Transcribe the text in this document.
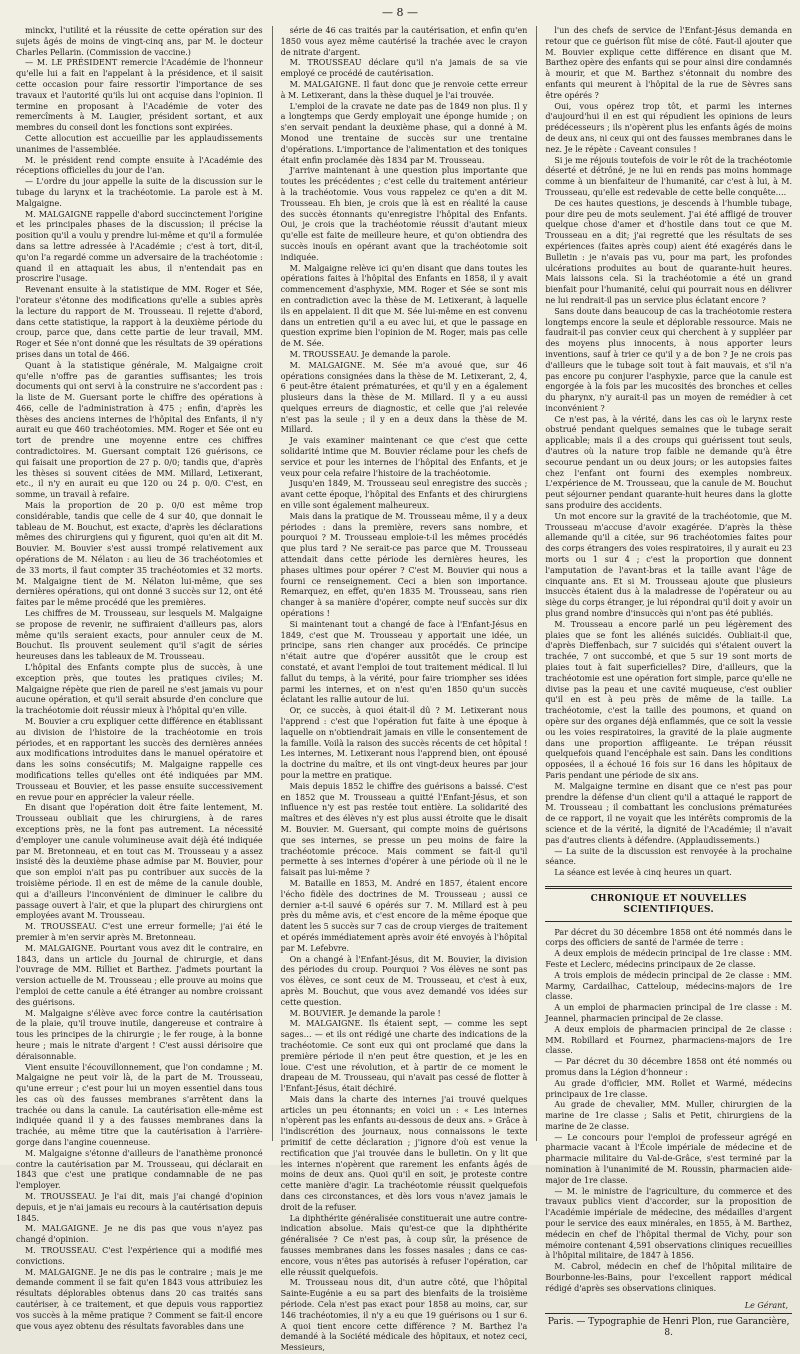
— 8 —

minckx, l'utilité et la réussite de cette opération sur des sujets âgés de moins de vingt-cinq ans, par M. le docteur Charles Pellarin. (Commission de vaccine.)

— M. LE PRÉSIDENT remercie l'Académie de l'honneur qu'elle lui a fait en l'appelant à la présidence, et il saisit cette occasion pour faire ressortir l'importance de ses travaux et l'autorité qu'ils lui ont acquise dans l'opinion. Il termine en proposant à l'Académie de voter des remercîments à M. Laugier, président sortant, et aux membres du conseil dont les fonctions sont expirées.

Cette allocution est accueillie par les applaudissements unanimes de l'assemblée.

M. le président rend compte ensuite à l'Académie des réceptions officielles du jour de l'an.

— L'ordre du jour appelle la suite de la discussion sur le tubage du larynx et la trachéotomie. La parole est à M. Malgaigne.

M. MALGAIGNE rappelle d'abord succinctement l'origine et les principales phases de la discussion; il précise la position qu'il a voulu y prendre lui-même et qu'il a formulée dans sa lettre adressée à l'Académie ; c'est à tort, dit-il, qu'on l'a regardé comme un adversaire de la trachéotomie : quand il en attaquait les abus, il n'entendait pas en proscrire l'usage.

Revenant ensuite à la statistique de MM. Roger et Sée, l'orateur s'étonne des modifications qu'elle a subies après la lecture du rapport de M. Trousseau. Il rejette d'abord, dans cette statistique, la rapport à la deuxième période du croup, parce que, dans cette partie de leur travail, MM. Roger et Sée n'ont donné que les résultats de 39 opérations prises dans un total de 466.

Quant à la statistique générale, M. Malgaigne croit qu'elle n'offre pas de garanties suffisantes; les trois documents qui ont servi à la construire ne s'accordent pas : la liste de M. Guersant porte le chiffre des opérations à 466, celle de l'administration à 475 ; enfin, d'après les thèses des anciens internes de l'hôpital des Enfants, il n'y aurait eu que 460 trachéotomies. MM. Roger et Sée ont eu tort de prendre une moyenne entre ces chiffres contradictoires. M. Guersant comptait 126 guérisons, ce qui faisait une proportion de 27 p. 0/0; tandis que, d'après les thèses si souvent citées de MM. Millard, Letixerant, etc., il n'y en aurait eu que 120 ou 24 p. 0/0. C'est, en somme, un travail à refaire.

Mais la proportion de 20 p. 0/0 est même trop considérable, tandis que celle de 4 sur 40, que donnait le tableau de M. Bouchut, est exacte, d'après les déclarations mêmes des chirurgiens qui y figurent, quoi qu'en ait dit M. Bouvier. M. Bouvier s'est aussi trompé relativement aux opérations de M. Nélaton : au lieu de 36 trachéotomies et de 33 morts, il faut compter 35 trachéotomies et 32 morts. M. Malgaigne tient de M. Nélaton lui-même, que ses dernières opérations, qui ont donné 3 succès sur 12, ont été faites par le même procédé que les premières.

Les chiffres de M. Trousseau, sur lesquels M. Malgaigne se propose de revenir, ne suffiraient d'ailleurs pas, alors même qu'ils seraient exacts, pour annuler ceux de M. Bouchut. Ils prouvent seulement qu'il s'agit de séries heureuses dans les tableaux de M. Trousseau.

L'hôpital des Enfants compte plus de succès, à une exception près, que toutes les pratiques civiles; M. Malgaigne répète que rien de pareil ne s'est jamais vu pour aucune opération, et qu'il serait absurde d'en conclure que la trachéotomie doit réussir mieux à l'hôpital qu'en ville.

M. Bouvier a cru expliquer cette différence en établissant au division de l'histoire de la trachéotomie en trois périodes, et en rapportant les succès des dernières années aux modifications introduites dans le manuel opératoire et dans les soins consécutifs; M. Malgaigne rappelle ces modifications telles qu'elles ont été indiquées par MM. Trousseau et Bouvier, et les passe ensuite successivement en revue pour en apprécier la valeur réelle.

En disant que l'opération doit être faite lentement, M. Trousseau oubliait que les chirurgiens, à de rares exceptions près, ne la font pas autrement. La nécessité d'employer une canule volumineuse avait déjà été indiquée par M. Bretonneau, et en tout cas M. Trousseau y a assez insisté dès la deuxième phase admise par M. Bouvier, pour que son emploi n'ait pas pu contribuer aux succès de la troisième période. Il en est de même de la canule double, qui a d'ailleurs l'inconvénient de diminuer le calibre du passage ouvert à l'air, et que la plupart des chirurgiens ont employées avant M. Trousseau.

M. TROUSSEAU. C'est une erreur formelle; j'ai été le premier à m'en servir après M. Bretonneau.

M. MALGAIGNE. Pourtant vous avez dit le contraire, en 1843, dans un article du Journal de chirurgie, et dans l'ouvrage de MM. Rilliet et Barthez. J'admets pourtant la version actuelle de M. Trousseau ; elle prouve au moins que l'emploi de cette canule a été étranger au nombre croissant des guérisons.

M. Malgaigne s'élève avec force contre la cautérisation de la plaie, qu'il trouve inutile, dangereuse et contraire à tous les principes de la chirurgie ; le fer rouge, à la bonne heure ; mais le nitrate d'argent ! C'est aussi dérisoire que déraisonnable.

Vient ensuite l'écouvillonnement, que l'on condamne ; M. Malgaigne ne peut voir là, de la part de M. Trousseau, qu'une erreur ; c'est pour lui un moyen essentiel dans tous les cas où des fausses membranes s'arrêtent dans la trachée ou dans la canule. La cautérisation elle-même est indiquée quand il y a des fausses membranes dans la trachée, au même titre que la cautérisation à l'arrière-gorge dans l'angine couenneuse.

M. Malgaigne s'étonne d'ailleurs de l'anathème prononcé contre la cautérisation par M. Trousseau, qui déclarait en 1843 que c'est une pratique condamnable de ne pas l'employer.

M. TROUSSEAU. Je l'ai dit, mais j'ai changé d'opinion depuis, et je n'ai jamais eu recours à la cautérisation depuis 1845.

M. MALGAIGNE. Je ne dis pas que vous n'ayez pas changé d'opinion.

M. TROUSSEAU. C'est l'expérience qui a modifié mes convictions.

M. MALGAIGNE. Je ne dis pas le contraire ; mais je me demande comment il se fait qu'en 1843 vous attribuiez les résultats déplorables obtenus dans 20 cas traités sans cautériser, à ce traitement, et que depuis vous rapportiez vos succès à la même pratique ? Comment se fait-il encore que vous ayez obtenu des résultats favorables dans une

série de 46 cas traités par la cautérisation, et enfin qu'en 1850 vous ayez même cautérisé la trachée avec le crayon de nitrate d'argent.

M. TROUSSEAU déclare qu'il n'a jamais de sa vie employé ce procédé de cautérisation.

M. MALGAIGNE. Il faut donc que je renvoie cette erreur à M. Letixerant, dans la thèse duquel je l'ai trouvée.

L'emploi de la cravate ne date pas de 1849 non plus. Il y a longtemps que Gerdy employait une éponge humide ; on s'en servait pendant la deuxième phase, qui a donné à M. Monod une trentaine de succès sur une trentaine d'opérations. L'importance de l'alimentation et des toniques était enfin proclamée dès 1834 par M. Trousseau.

J'arrive maintenant à une question plus importante que toutes les précédentes ; c'est celle du traitement antérieur à la trachéotomie. Vous vous rappelez ce qu'en a dit M. Trousseau. Eh bien, je crois que là est en réalité la cause des succès étonnants qu'enregistre l'hôpital des Enfants. Oui, je crois que la trachéotomie réussit d'autant mieux qu'elle est faite de meilleure heure, et qu'on obtiendra des succès inouïs en opérant avant que la trachéotomie soit indiquée.

M. Malgaigne relève ici qu'en disant que dans toutes les opérations faites à l'hôpital des Enfants en 1858, il y avait commencement d'asphyxie, MM. Roger et Sée se sont mis en contradiction avec la thèse de M. Letixerant, à laquelle ils en appelaient. Il dit que M. Sée lui-même en est convenu dans un entretien qu'il a eu avec lui, et que le passage en question exprime bien l'opinion de M. Roger, mais pas celle de M. Sée.

M. TROUSSEAU. Je demande la parole.

M. MALGAIGNE. M. Sée m'a avoué que, sur 46 opérations consignées dans la thèse de M. Letixerant, 2, 4, 6 peut-être étaient prématurées, et qu'il y en a également plusieurs dans la thèse de M. Millard. Il y a eu aussi quelques erreurs de diagnostic, et celle que j'ai relevée n'est pas la seule ; il y en a deux dans la thèse de M. Millard.

Je vais examiner maintenant ce que c'est que cette solidarité intime que M. Bouvier réclame pour les chefs de service et pour les internes de l'hôpital des Enfants, et je veux pour cela refaire l'histoire de la trachéotomie.

Jusqu'en 1849, M. Trousseau seul enregistre des succès ; avant cette époque, l'hôpital des Enfants et des chirurgiens en ville sont également malheureux.

Mais dans la pratique de M. Trousseau même, il y a deux périodes : dans la première, revers sans nombre, et pourquoi ? M. Trousseau emploie-t-il les mêmes procédés que plus tard ? Ne serait-ce pas parce que M. Trousseau attendait dans cette période les dernières heures, les phases ultimes pour opérer ? C'est M. Bouvier qui nous a fourni ce renseignement. Ceci a bien son importance. Remarquez, en effet, qu'en 1835 M. Trousseau, sans rien changer à sa manière d'opérer, compte neuf succès sur dix opérations !

Si maintenant tout a changé de face à l'Enfant-Jésus en 1849, c'est que M. Trousseau y apportait une idée, un principe, sans rien changer aux procédés. Ce principe n'était autre que d'opérer aussitôt que le croup est constaté, et avant l'emploi de tout traitement médical. Il lui fallut du temps, à la vérité, pour faire triompher ses idées parmi les internes, et on n'est qu'en 1850 qu'un succès éclatant les rallie autour de lui.

Or, ce succès, à quoi était-il dû ? M. Letixerant nous l'apprend : c'est que l'opération fut faite à une époque à laquelle on n'obtiendrait jamais en ville le consentement de la famille. Voilà la raison des succès récents de cet hôpital ! Les internes, M. Letixerant nous l'apprend bien, ont épousé la doctrine du maître, et ils ont vingt-deux heures par jour pour la mettre en pratique.

Mais depuis 1852 le chiffre des guérisons a baissé. C'est en 1852 que M. Trousseau a quitté l'Enfant-Jésus, et son influence n'y est pas restée tout entière. La solidarité des maîtres et des élèves n'y est plus aussi étroite que le disait M. Bouvier. M. Guersant, qui compte moins de guérisons que ses internes, se presse un peu moins de faire la trachéotomie précoce. Mais comment se fait-il qu'il permette à ses internes d'opérer à une période où il ne le faisait pas lui-même ?

M. Bataille en 1853, M. André en 1857, étaient encore l'écho fidèle des doctrines de M. Trousseau ; aussi ce dernier a-t-il sauvé 6 opérés sur 7. M. Millard est à peu près du même avis, et c'est encore de la même époque que datent les 5 succès sur 7 cas de croup vierges de traitement et opérés immédiatement après avoir été envoyés à l'hôpital par M. Lefebvre.

On a changé à l'Enfant-Jésus, dit M. Bouvier, la division des périodes du croup. Pourquoi ? Vos élèves ne sont pas vos élèves, ce sont ceux de M. Trousseau, et c'est à eux, après M. Bouchut, que vous avez demandé vos idées sur cette question.

M. BOUVIER. Je demande la parole !

M. MALGAIGNE. Ils étaient sept, — comme les sept sages… — et ils ont rédigé une charte des indications de la trachéotomie. Ce sont eux qui ont proclamé que dans la première période il n'en peut être question, et je les en loue. C'est une révolution, et à partir de ce moment le drapeau de M. Trousseau, qui n'avait pas cessé de flotter à l'Enfant-Jésus, était déchiré.

Mais dans la charte des internes j'ai trouvé quelques articles un peu étonnants; en voici un : « Les internes n'opèrent pas les enfants au-dessous de deux ans. » Grâce à l'indiscrétion des journaux, nous connaissons le texte primitif de cette déclaration ; j'ignore d'où est venue la rectification que j'ai trouvée dans le bulletin. On y lit que les internes n'opèrent que rarement les enfants âgés de moins de deux ans. Quoi qu'il en soit, je proteste contre cette manière d'agir. La trachéotomie réussit quelquefois dans ces circonstances, et dès lors vous n'avez jamais le droit de la refuser.

La diphthérite généralisée constituerait une autre contre-indication absolue. Mais qu'est-ce que la diphthérite généralisée ? Ce n'est pas, à coup sûr, la présence de fausses membranes dans les fosses nasales ; dans ce cas-encore, vous n'êtes pas autorisés à refuser l'opération, car elle réussit quelquefois.

M. Trousseau nous dit, d'un autre côté, que l'hôpital Sainte-Eugénie a eu sa part des bienfaits de la troisième période. Cela n'est pas exact pour 1858 au moins, car, sur 146 trachéotomies, il n'y a eu que 19 guérisons ou 1 sur 6. A quoi tient encore cette différence ? M. Barthez l'a demandé à la Société médicale des hôpitaux, et notez ceci, Messieurs,

l'un des chefs de service de l'Enfant-Jésus demanda en retour que ce guérison fût mise de côté. Faut-il ajouter que M. Bouvier explique cette différence en disant que M. Barthez opère des enfants qui se pour ainsi dire condamnés à mourir, et que M. Barthez s'étonnait du nombre des enfants qui meurent à l'hôpital de la rue de Sèvres sans être opérés ?

Oui, vous opérez trop tôt, et parmi les internes d'aujourd'hui il en est qui répudient les opinions de leurs prédécesseurs ; ils n'opèrent plus les enfants âgés de moins de deux ans, ni ceux qui ont des fausses membranes dans le nez. Je le répète : Caveant consules !

Si je me réjouis toutefois de voir le rôt de la trachéotomie déserté et détrôné, je ne lui en rends pas moins hommage comme à un bienfaiteur de l'humanité, car c'est à lui, à M. Trousseau, qu'elle est redevable de cette belle conquête….

De ces hautes questions, je descends à l'humble tubage, pour dire peu de mots seulement. J'ai été affligé de trouver quelque chose d'amer et d'hostile dans tout ce que M. Trousseau en a dit; j'ai regretté que les résultats de ses expériences (faites après coup) aient été exagérés dans le Bulletin : je n'avais pas vu, pour ma part, les profondes ulcérations produites au bout de quarante-huit heures. Mais laissons cela. Si la trachéotomie a été un grand bienfait pour l'humanité, celui qui pourrait nous en délivrer ne lui rendrait-il pas un service plus éclatant encore ?

Sans doute dans beaucoup de cas la trachéotomie restera longtemps encore la seule et déplorable ressource. Mais ne faudrait-il pas convier ceux qui cherchent à y suppléer par des moyens plus innocents, à nous apporter leurs inventions, sauf à trier ce qu'il y a de bon ? Je ne crois pas d'ailleurs que le tubage soit tout à fait mauvais, et s'il n'a pas encore pu conjurer l'asphyxie, parce que la canule est engorgée à la fois par les mucosités des bronches et celles du pharynx, n'y aurait-il pas un moyen de remédier à cet inconvénient ?

Ce n'est pas, à la vérité, dans les cas où le larynx reste obstrué pendant quelques semaines que le tubage serait applicable; mais il a des croups qui guérissent tout seuls, d'autres où la nature trop faible ne demande qu'à être secourue pendant un ou deux jours; or les autopsies faites chez l'enfant ont fourni des exemples nombreux. L'expérience de M. Trousseau, que la canule de M. Bouchut peut séjourner pendant quarante-huit heures dans la glotte sans produire des accidents.

Un mot encore sur la gravité de la trachéotomie, que M. Trousseau m'accuse d'avoir exagérée. D'après la thèse allemande qu'il a citée, sur 96 trachéotomies faites pour des corps étrangers des voies respiratoires, il y aurait eu 23 morts ou 1 sur 4 ; c'est la proportion que donnent l'amputation de l'avant-bras et la taille avant l'âge de cinquante ans. Et si M. Trousseau ajoute que plusieurs insuccès étaient dus à la maladresse de l'opérateur ou au siège du corps étranger, je lui répondrai qu'il doit y avoir un plus grand nombre d'insuccès qui n'ont pas été publiés.

M. Trousseau a encore parlé un peu légèrement des plaies que se font les aliénés suicidés. Oubliait-il que, d'après Dieffenbach, sur 7 suicidés qui s'étaient ouvert la trachée, 7 ont succombé, et que 5 sur 19 sont morts de plaies tout à fait superficielles? Dire, d'ailleurs, que la trachéotomie est une opération fort simple, parce qu'elle ne divise pas la peau et une cavité muqueuse, c'est oublier qu'il en est à peu près de même de la taille. La trachéotomie, c'est la taille des poumons, et quand on opère sur des organes déjà enflammés, que ce soit la vessie ou les voies respiratoires, la gravité de la plaie augmente dans une proportion affligeante. Le trépan réussit quelquefois quand l'encéphale est sain. Dans les conditions opposées, il a échoué 16 fois sur 16 dans les hôpitaux de Paris pendant une période de six ans.

M. Malgaigne termine en disant que ce n'est pas pour prendre la défense d'un client qu'il a attaqué le rapport de M. Trousseau ; il combattant les conclusions prématurées de ce rapport, il ne voyait que les intérêts compromis de la science et de la vérité, la dignité de l'Académie; il n'avait pas d'autres clients à défendre. (Applaudissements.)

— La suite de la discussion est renvoyée à la prochaine séance.

La séance est levée à cinq heures un quart.

CHRONIQUE ET NOUVELLES SCIENTIFIQUES.

Par décret du 30 décembre 1858 ont été nommés dans le corps des officiers de santé de l'armée de terre :

A deux emplois de médecin principal de 1re classe : MM. Feste et Leclerc, médecins principaux de 2e classe.

A trois emplois de médecin principal de 2e classe : MM. Marmy, Cardailhac, Catteloup, médecins-majors de 1re classe.

A un emploi de pharmacien principal de 1re classe : M. Jeannel, pharmacien principal de 2e classe.

A deux emplois de pharmacien principal de 2e classe : MM. Robillard et Fournez, pharmaciens-majors de 1re classe.

— Par décret du 30 décembre 1858 ont été nommés ou promus dans la Légion d'honneur :

Au grade d'officier, MM. Rollet et Warmé, médecins principaux de 1re classe.

Au grade de chevalier, MM. Muller, chirurgien de la marine de 1re classe ; Salis et Petit, chirurgiens de la marine de 2e classe.

— Le concours pour l'emploi de professeur agrégé en pharmacie vacant à l'École impériale de médecine et de pharmacie militaire du Val-de-Grâce, s'est terminé par la nomination à l'unanimité de M. Roussin, pharmacien aide-major de 1re classe.

— M. le ministre de l'agriculture, du commerce et des travaux publics vient d'accorder, sur la proposition de l'Académie impériale de médecine, des médailles d'argent pour le service des eaux minérales, en 1855, à M. Barthez, médecin en chef de l'hôpital thermal de Vichy, pour son mémoire contenant 4,591 observations cliniques recueillies à l'hôpital militaire, de 1847 à 1856.

M. Cabrol, médecin en chef de l'hôpital militaire de Bourbonne-les-Bains, pour l'excellent rapport médical rédigé d'après ses observations cliniques.

Le Gérant,
Paris. — Typographie de Henri Plon, rue Garancière, 8.
